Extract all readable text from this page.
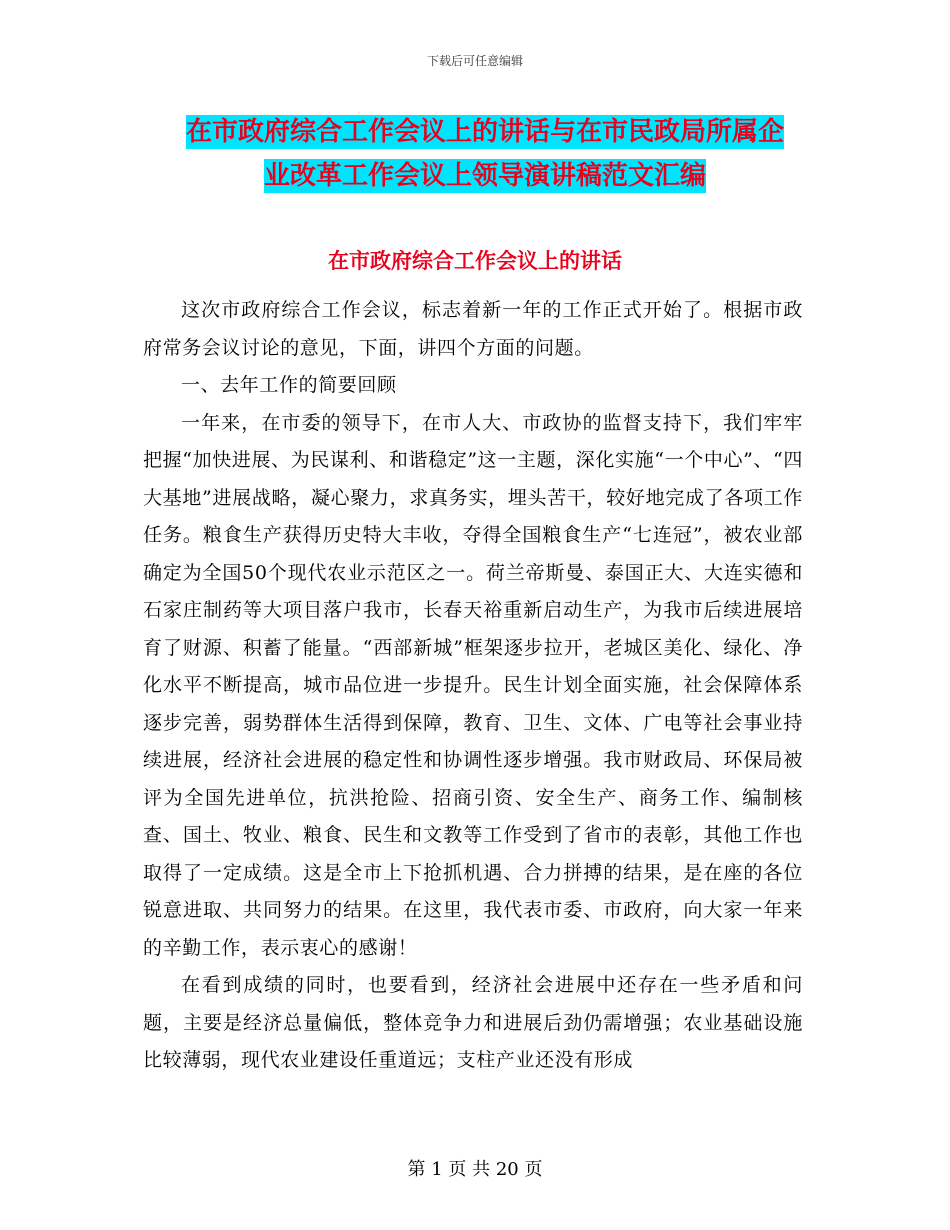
下载后可任意编辑
在市政府综合工作会议上的讲话与在市民政局所属企
业改革工作会议上领导演讲稿范文汇编
在市政府综合工作会议上的讲话

这次市政府综合工作会议，标志着新一年的工作正式开始了。根据市政府常务会议讨论的意见，下面，讲四个方面的问题。

一、去年工作的简要回顾

一年来，在市委的领导下，在市人大、市政协的监督支持下，我们牢牢把握“加快进展、为民谋利、和谐稳定”这一主题，深化实施“一个中心”、“四大基地”进展战略，凝心聚力，求真务实，埋头苦干，较好地完成了各项工作任务。粮食生产获得历史特大丰收，夺得全国粮食生产“七连冠”，被农业部确定为全国50个现代农业示范区之一。荷兰帝斯曼、泰国正大、大连实德和石家庄制药等大项目落户我市，长春天裕重新启动生产，为我市后续进展培育了财源、积蓄了能量。“西部新城”框架逐步拉开，老城区美化、绿化、净化水平不断提高，城市品位进一步提升。民生计划全面实施，社会保障体系逐步完善，弱势群体生活得到保障，教育、卫生、文体、广电等社会事业持续进展，经济社会进展的稳定性和协调性逐步增强。我市财政局、环保局被评为全国先进单位，抗洪抢险、招商引资、安全生产、商务工作、编制核查、国土、牧业、粮食、民生和文教等工作受到了省市的表彰，其他工作也取得了一定成绩。这是全市上下抢抓机遇、合力拼搏的结果，是在座的各位锐意进取、共同努力的结果。在这里，我代表市委、市政府，向大家一年来的辛勤工作，表示衷心的感谢！

在看到成绩的同时，也要看到，经济社会进展中还存在一些矛盾和问题，主要是经济总量偏低，整体竞争力和进展后劲仍需增强；农业基础设施比较薄弱，现代农业建设任重道远；支柱产业还没有形成

第 1 页 共 20 页
